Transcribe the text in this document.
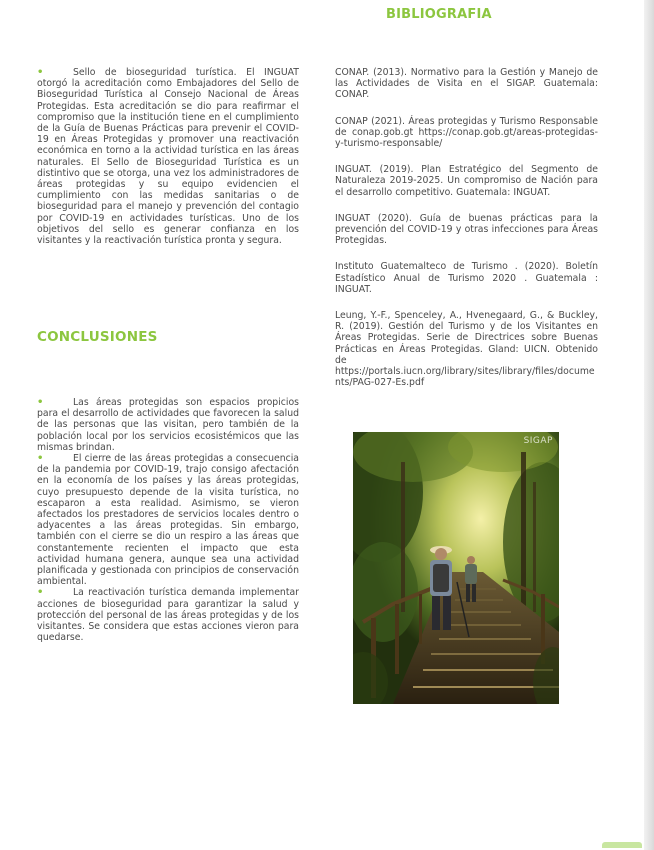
BIBLIOGRAFIA

•	Sello de bioseguridad turística. El INGUAT otorgó la acreditación como Embajadores del Sello de Bioseguridad Turística al Consejo Nacional de Áreas Protegidas. Esta acreditación se dio para reafirmar el compromiso que la institución tiene en el cumplimiento de la Guía de Buenas Prácticas para prevenir el COVID-19 en Áreas Protegidas y promover una reactivación económica en torno a la actividad turística en las áreas naturales. El Sello de Bioseguridad Turística es un distintivo que se otorga, una vez los administradores de áreas protegidas y su equipo evidencien el cumplimiento con las medidas sanitarias o de bioseguridad para el manejo y prevención del contagio por COVID-19 en actividades turísticas. Uno de los objetivos del sello es generar confianza en los visitantes y la reactivación turística pronta y segura.

CONCLUSIONES

•	Las áreas protegidas son espacios propicios para el desarrollo de actividades que favorecen la salud de las personas que las visitan, pero también de la población local por los servicios ecosistémicos que las mismas brindan.

•	El cierre de las áreas protegidas a consecuencia de la pandemia por COVID-19, trajo consigo afectación en la economía de los países y las áreas protegidas, cuyo presupuesto depende de la visita turística, no escaparon a esta realidad. Asimismo, se vieron afectados los prestadores de servicios locales dentro o adyacentes a las áreas protegidas. Sin embargo, también con el cierre se dio un respiro a las áreas que constantemente recienten el impacto que esta actividad humana genera, aunque sea una actividad planificada y gestionada con principios de conservación ambiental.

•	La reactivación turística demanda implementar acciones de bioseguridad para garantizar la salud y protección del personal de las áreas protegidas y de los visitantes. Se considera que estas acciones vieron para quedarse.

CONAP. (2013). Normativo para la Gestión y Manejo de las Actividades de Visita en el SIGAP. Guatemala: CONAP.
CONAP (2021). Áreas protegidas y Turismo Responsable de conap.gob.gt https://conap.gob.gt/areas-protegidas-y-turismo-responsable/
INGUAT. (2019). Plan Estratégico del Segmento de Naturaleza 2019-2025. Un compromiso de Nación para el desarrollo competitivo. Guatemala: INGUAT.
INGUAT (2020). Guía de buenas prácticas para la prevención del COVID-19 y otras infecciones para Áreas Protegidas.
Instituto Guatemalteco de Turismo . (2020). Boletín Estadístico Anual de Turismo 2020 . Guatemala : INGUAT.
Leung, Y.-F., Spenceley, A., Hvenegaard, G., & Buckley, R. (2019). Gestión del Turismo y de los Visitantes en Áreas Protegidas. Serie de Directrices sobre Buenas Prácticas en Áreas Protegidas. Gland: UICN. Obtenido de https://portals.iucn.org/library/sites/library/files/documents/PAG-027-Es.pdf
SIGAP
